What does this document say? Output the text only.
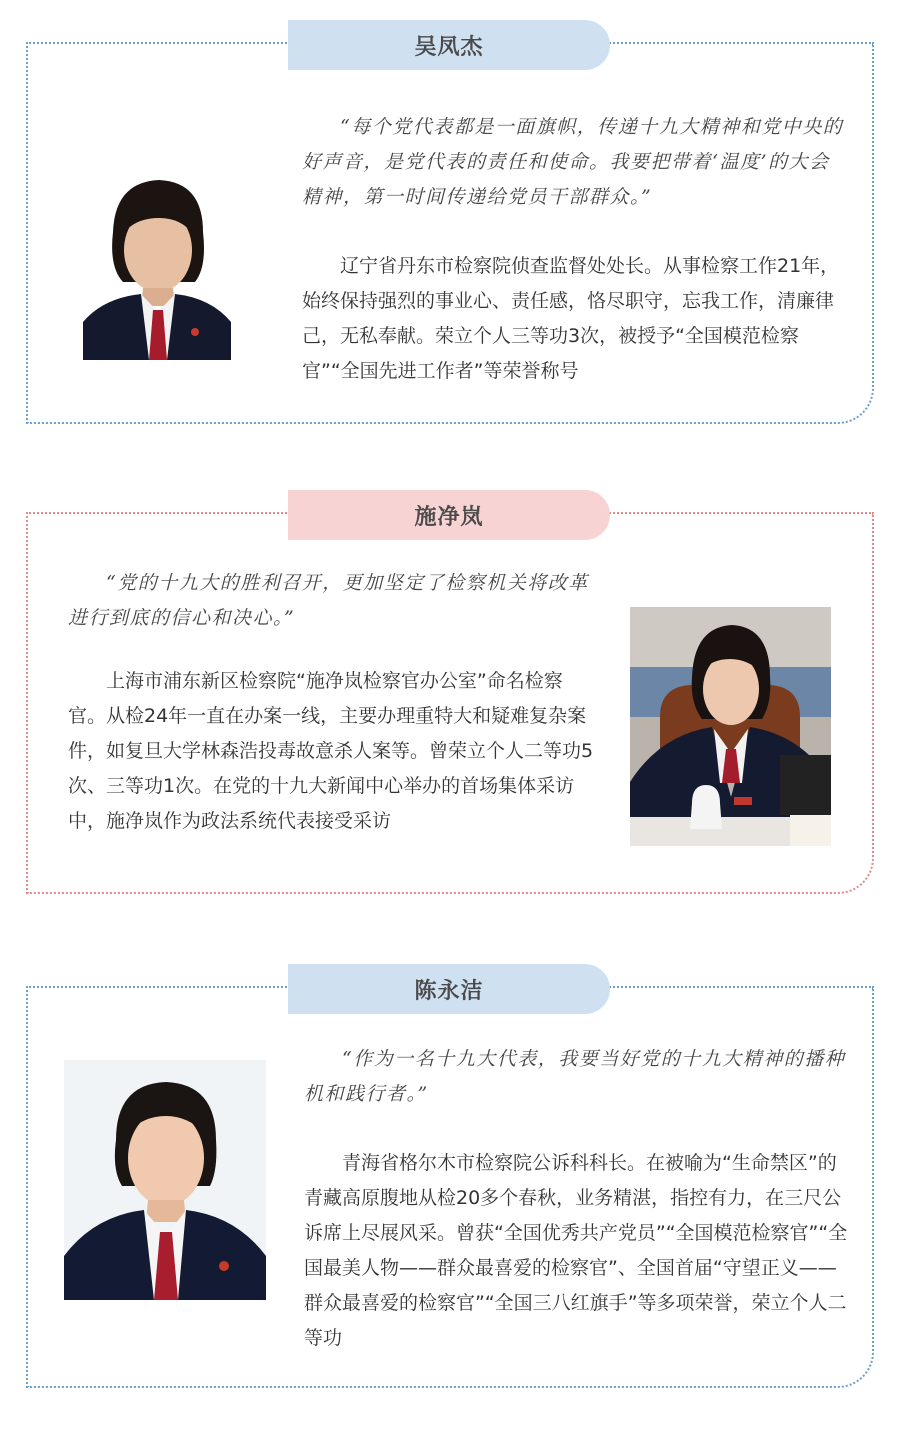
吴凤杰

“每个党代表都是一面旗帜，传递十九大精神和党中央的好声音，是党代表的责任和使命。我要把带着‘温度’的大会精神，第一时间传递给党员干部群众。”

辽宁省丹东市检察院侦查监督处处长。从事检察工作21年，始终保持强烈的事业心、责任感，恪尽职守，忘我工作，清廉律己，无私奉献。荣立个人三等功3次，被授予“全国模范检察官”“全国先进工作者”等荣誉称号

施净岚

“党的十九大的胜利召开，更加坚定了检察机关将改革进行到底的信心和决心。”

上海市浦东新区检察院“施净岚检察官办公室”命名检察官。从检24年一直在办案一线，主要办理重特大和疑难复杂案件，如复旦大学林森浩投毒故意杀人案等。曾荣立个人二等功5次、三等功1次。在党的十九大新闻中心举办的首场集体采访中，施净岚作为政法系统代表接受采访

陈永洁

“作为一名十九大代表，我要当好党的十九大精神的播种机和践行者。”

青海省格尔木市检察院公诉科科长。在被喻为“生命禁区”的青藏高原腹地从检20多个春秋，业务精湛，指控有力，在三尺公诉席上尽展风采。曾获“全国优秀共产党员”“全国模范检察官”“全国最美人物——群众最喜爱的检察官”、全国首届“守望正义——群众最喜爱的检察官”“全国三八红旗手”等多项荣誉，荣立个人二等功
